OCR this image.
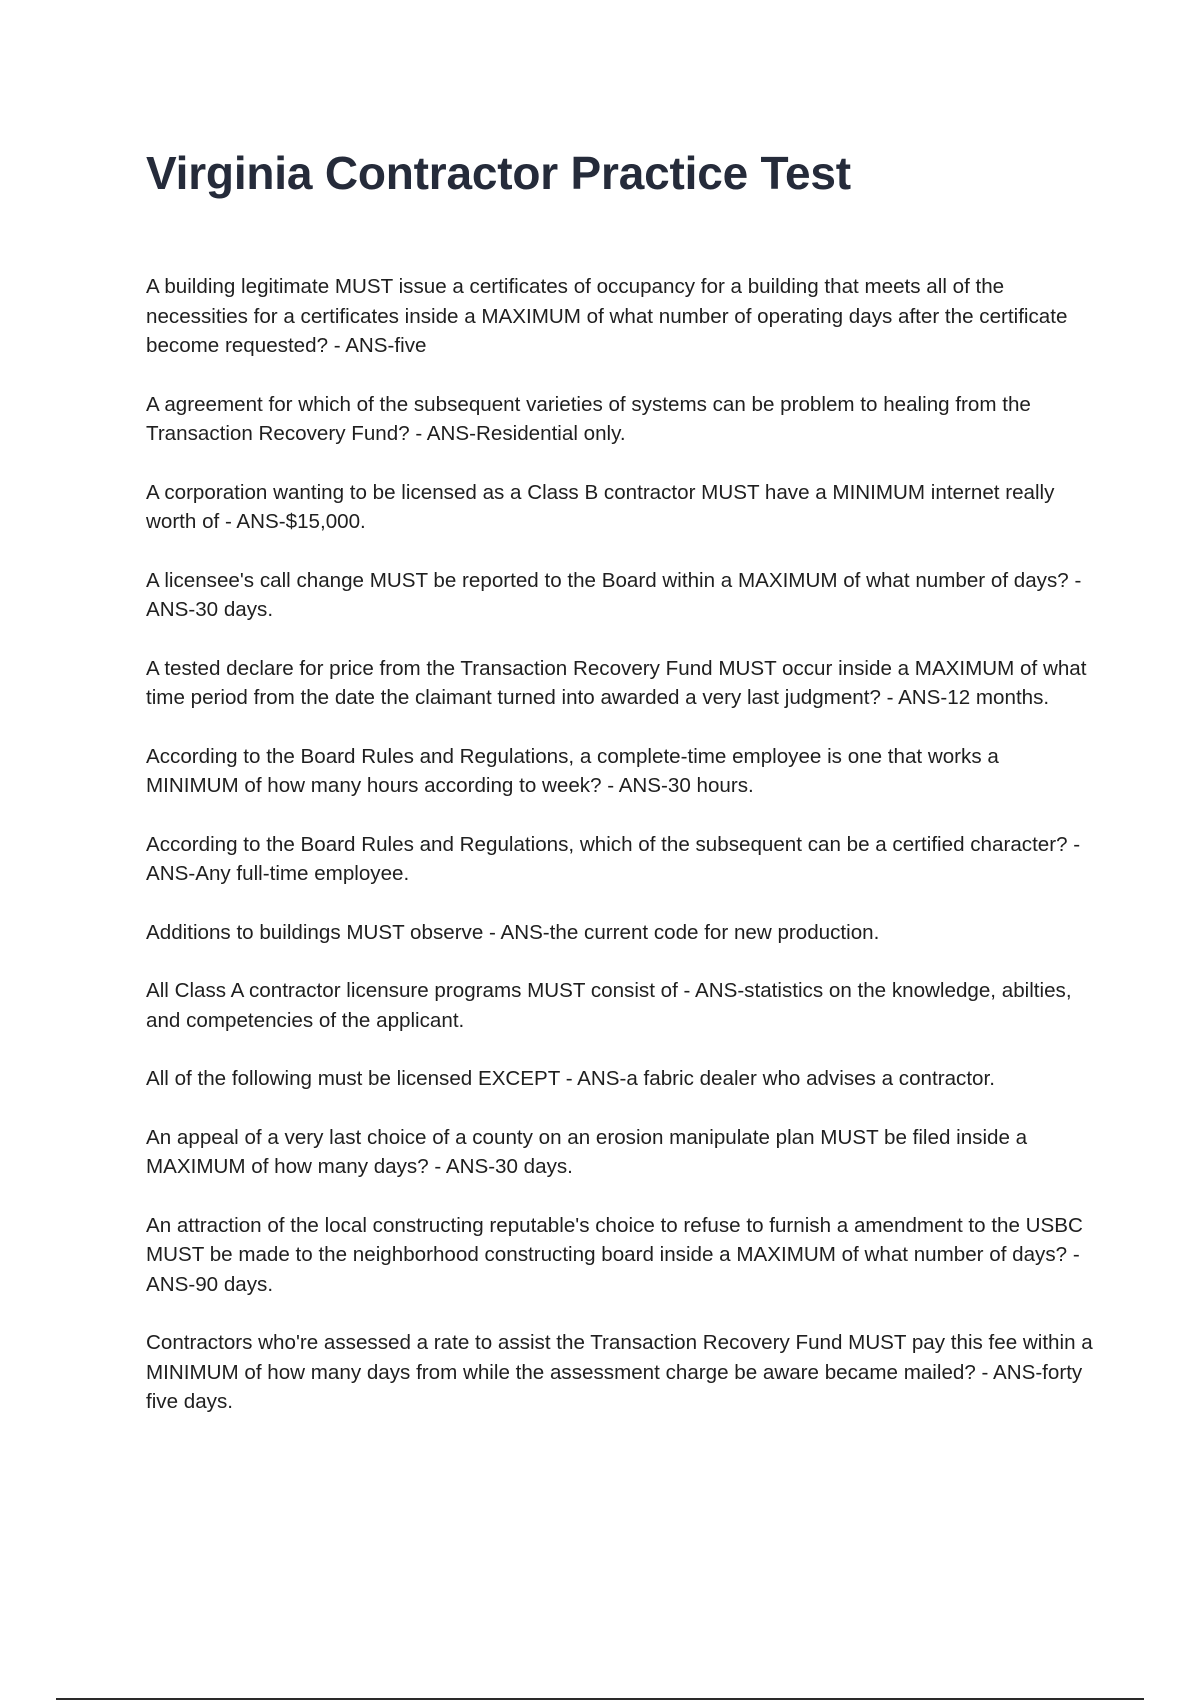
Virginia Contractor Practice Test
A building legitimate MUST issue a certificates of occupancy for a building that meets all of the necessities for a certificates inside a MAXIMUM of what number of operating days after the certificate become requested? - ANS-five
A agreement for which of the subsequent varieties of systems can be problem to healing from the Transaction Recovery Fund? - ANS-Residential only.
A corporation wanting to be licensed as a Class B contractor MUST have a MINIMUM internet really worth of - ANS-$15,000.
A licensee's call change MUST be reported to the Board within a MAXIMUM of what number of days? - ANS-30 days.
A tested declare for price from the Transaction Recovery Fund MUST occur inside a MAXIMUM of what time period from the date the claimant turned into awarded a very last judgment? - ANS-12 months.
According to the Board Rules and Regulations, a complete-time employee is one that works a MINIMUM of how many hours according to week? - ANS-30 hours.
According to the Board Rules and Regulations, which of the subsequent can be a certified character? - ANS-Any full-time employee.
Additions to buildings MUST observe - ANS-the current code for new production.
All Class A contractor licensure programs MUST consist of - ANS-statistics on the knowledge, abilties, and competencies of the applicant.
All of the following must be licensed EXCEPT - ANS-a fabric dealer who advises a contractor.
An appeal of a very last choice of a county on an erosion manipulate plan MUST be filed inside a MAXIMUM of how many days? - ANS-30 days.
An attraction of the local constructing reputable's choice to refuse to furnish a amendment to the USBC MUST be made to the neighborhood constructing board inside a MAXIMUM of what number of days? - ANS-90 days.
Contractors who're assessed a rate to assist the Transaction Recovery Fund MUST pay this fee within a MINIMUM of how many days from while the assessment charge be aware became mailed? - ANS-forty five days.
